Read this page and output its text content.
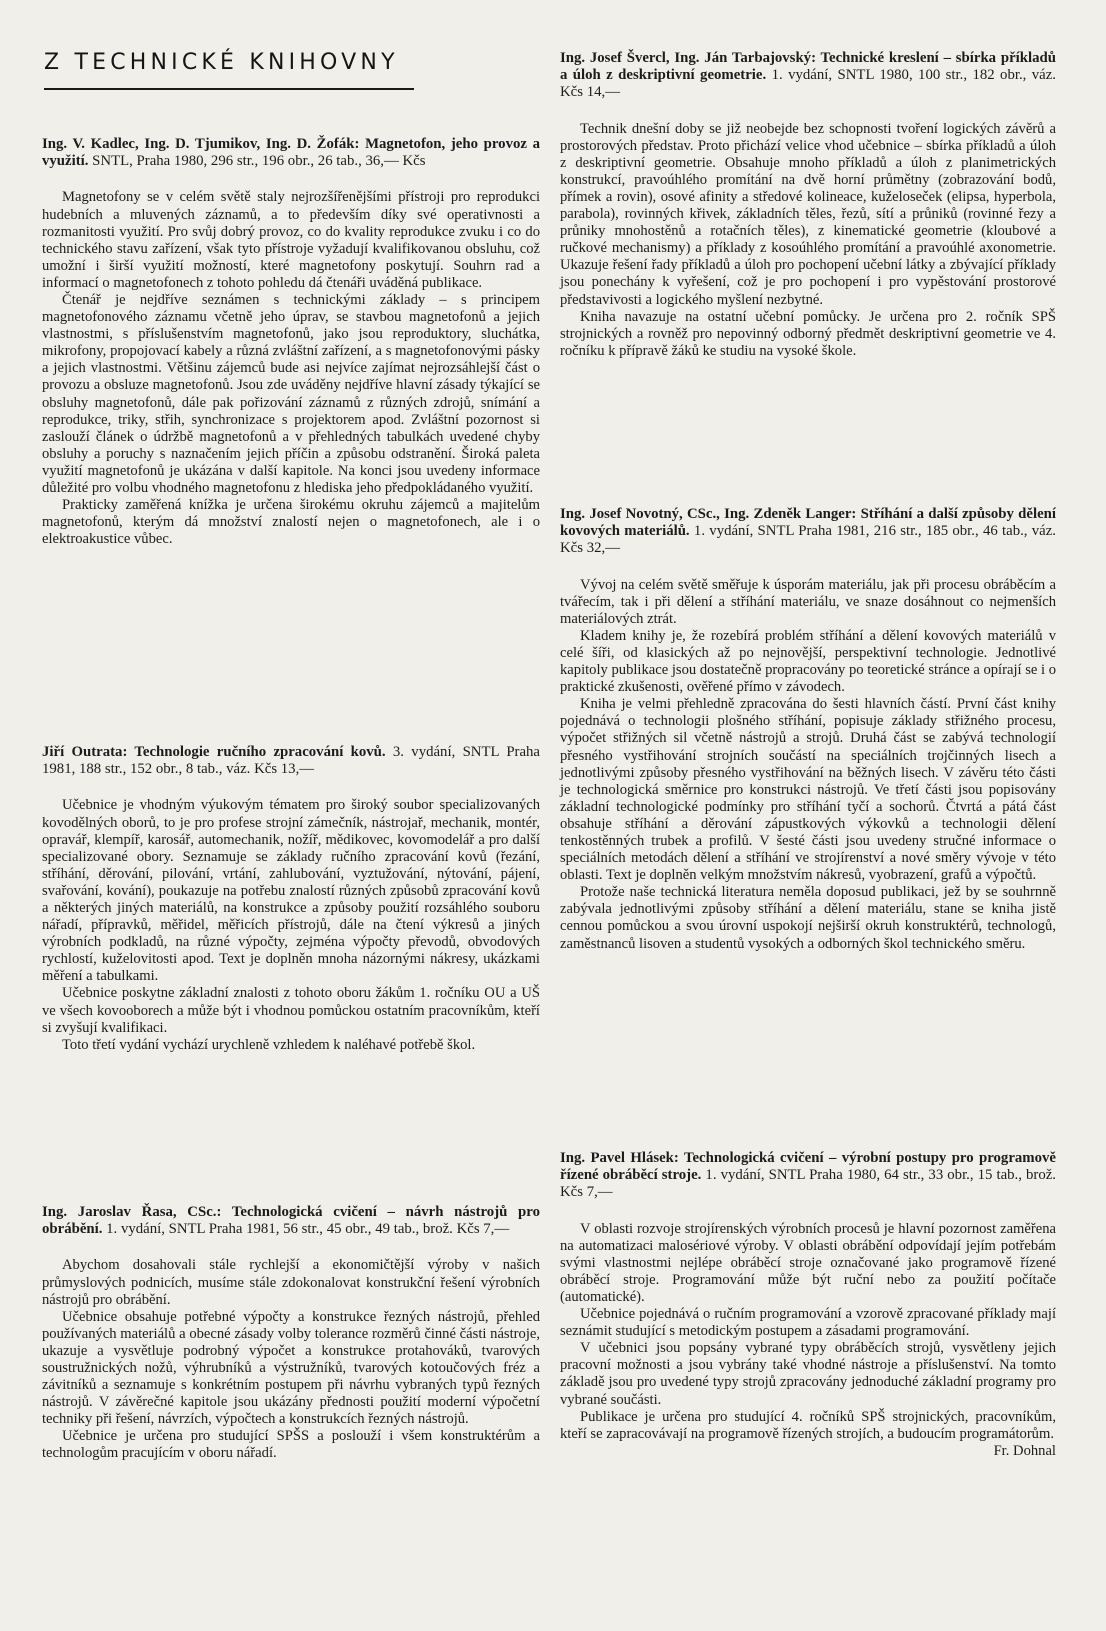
Z TECHNICKÉ KNIHOVNY

Ing. V. Kadlec, Ing. D. Tjumikov, Ing. D. Žofák: Magnetofon, jeho provoz a využití. SNTL, Praha 1980, 296 str., 196 obr., 26 tab., 36,— Kčs

Magnetofony se v celém světě staly nejrozšířenějšími přístroji pro reprodukci hudebních a mluvených záznamů, a to především díky své operativnosti a rozmanitosti využití. Pro svůj dobrý provoz, co do kvality reprodukce zvuku i co do technického stavu zařízení, však tyto přístroje vyžadují kvalifikovanou obsluhu, což umožní i širší využití možností, které magnetofony poskytují. Souhrn rad a informací o magnetofonech z tohoto pohledu dá čtenáři uváděná publikace.

Čtenář je nejdříve seznámen s technickými základy – s principem magnetofonového záznamu včetně jeho úprav, se stavbou magnetofonů a jejich vlastnostmi, s příslušenstvím magnetofonů, jako jsou reproduktory, sluchátka, mikrofony, propojovací kabely a různá zvláštní zařízení, a s magnetofonovými pásky a jejich vlastnostmi. Většinu zájemců bude asi nejvíce zajímat nejrozsáhlejší část o provozu a obsluze magnetofonů. Jsou zde uváděny nejdříve hlavní zásady týkající se obsluhy magnetofonů, dále pak pořizování záznamů z různých zdrojů, snímání a reprodukce, triky, střih, synchronizace s projektorem apod. Zvláštní pozornost si zaslouží článek o údržbě magnetofonů a v přehledných tabulkách uvedené chyby obsluhy a poruchy s naznačením jejich příčin a způsobu odstranění. Široká paleta využití magnetofonů je ukázána v další kapitole. Na konci jsou uvedeny informace důležité pro volbu vhodného magnetofonu z hlediska jeho předpokládaného využití.

Prakticky zaměřená knížka je určena širokému okruhu zájemců a majitelům magnetofonů, kterým dá množství znalostí nejen o magnetofonech, ale i o elektroakustice vůbec.

Jiří Outrata: Technologie ručního zpracování kovů. 3. vydání, SNTL Praha 1981, 188 str., 152 obr., 8 tab., váz. Kčs 13,—

Učebnice je vhodným výukovým tématem pro široký soubor specializovaných kovodělných oborů, to je pro profese strojní zámečník, nástrojař, mechanik, montér, opravář, klempíř, karosář, automechanik, nožíř, mědikovec, kovomodelář a pro další specializované obory. Seznamuje se základy ručního zpracování kovů (řezání, stříhání, děrování, pilování, vrtání, zahlubování, vyztužování, nýtování, pájení, svařování, kování), poukazuje na potřebu znalostí různých způsobů zpracování kovů a některých jiných materiálů, na konstrukce a způsoby použití rozsáhlého souboru nářadí, přípravků, měřidel, měřicích přístrojů, dále na čtení výkresů a jiných výrobních podkladů, na různé výpočty, zejména výpočty převodů, obvodových rychlostí, kuželovitosti apod. Text je doplněn mnoha názornými nákresy, ukázkami měření a tabulkami.

Učebnice poskytne základní znalosti z tohoto oboru žákům 1. ročníku OU a UŠ ve všech kovooborech a může být i vhodnou pomůckou ostatním pracovníkům, kteří si zvyšují kvalifikaci.

Toto třetí vydání vychází urychleně vzhledem k naléhavé potřebě škol.

Ing. Jaroslav Řasa, CSc.: Technologická cvičení – návrh nástrojů pro obrábění. 1. vydání, SNTL Praha 1981, 56 str., 45 obr., 49 tab., brož. Kčs 7,—

Abychom dosahovali stále rychlejší a ekonomičtější výroby v našich průmyslových podnicích, musíme stále zdokonalovat konstrukční řešení výrobních nástrojů pro obrábění.

Učebnice obsahuje potřebné výpočty a konstrukce řezných nástrojů, přehled používaných materiálů a obecné zásady volby tolerance rozměrů činné části nástroje, ukazuje a vysvětluje podrobný výpočet a konstrukce protahováků, tvarových soustružnických nožů, výhrubníků a výstružníků, tvarových kotoučových fréz a závitníků a seznamuje s konkrétním postupem při návrhu vybraných typů řezných nástrojů. V závěrečné kapitole jsou ukázány přednosti použití moderní výpočetní techniky při řešení, návrzích, výpočtech a konstrukcích řezných nástrojů.

Učebnice je určena pro studující SPŠS a poslouží i všem konstruktérům a technologům pracujícím v oboru nářadí.

Ing. Josef Švercl, Ing. Ján Tarbajovský: Technické kreslení – sbírka příkladů a úloh z deskriptivní geometrie. 1. vydání, SNTL 1980, 100 str., 182 obr., váz. Kčs 14,—

Technik dnešní doby se již neobejde bez schopnosti tvoření logických závěrů a prostorových představ. Proto přichází velice vhod učebnice – sbírka příkladů a úloh z deskriptivní geometrie. Obsahuje mnoho příkladů a úloh z planimetrických konstrukcí, pravoúhlého promítání na dvě horní průmětny (zobrazování bodů, přímek a rovin), osové afinity a středové kolineace, kuželoseček (elipsa, hyperbola, parabola), rovinných křivek, základních těles, řezů, sítí a průniků (rovinné řezy a průniky mnohostěnů a rotačních těles), z kinematické geometrie (kloubové a ručkové mechanismy) a příklady z kosoúhlého promítání a pravoúhlé axonometrie. Ukazuje řešení řady příkladů a úloh pro pochopení učební látky a zbývající příklady jsou ponechány k vyřešení, což je pro pochopení i pro vypěstování prostorové představivosti a logického myšlení nezbytné.

Kniha navazuje na ostatní učební pomůcky. Je určena pro 2. ročník SPŠ strojnických a rovněž pro nepovinný odborný předmět deskriptivní geometrie ve 4. ročníku k přípravě žáků ke studiu na vysoké škole.

Ing. Josef Novotný, CSc., Ing. Zdeněk Langer: Stříhání a další způsoby dělení kovových materiálů. 1. vydání, SNTL Praha 1981, 216 str., 185 obr., 46 tab., váz. Kčs 32,—

Vývoj na celém světě směřuje k úsporám materiálu, jak při procesu obráběcím a tvářecím, tak i při dělení a stříhání materiálu, ve snaze dosáhnout co nejmenších materiálových ztrát.

Kladem knihy je, že rozebírá problém stříhání a dělení kovových materiálů v celé šíři, od klasických až po nejnovější, perspektivní technologie. Jednotlivé kapitoly publikace jsou dostatečně propracovány po teoretické stránce a opírají se i o praktické zkušenosti, ověřené přímo v závodech.

Kniha je velmi přehledně zpracována do šesti hlavních částí. První část knihy pojednává o technologii plošného stříhání, popisuje základy střižného procesu, výpočet střižných sil včetně nástrojů a strojů. Druhá část se zabývá technologií přesného vystřihování strojních součástí na speciálních trojčinných lisech a jednotlivými způsoby přesného vystřihování na běžných lisech. V závěru této části je technologická směrnice pro konstrukci nástrojů. Ve třetí části jsou popisovány základní technologické podmínky pro stříhání tyčí a sochorů. Čtvrtá a pátá část obsahuje stříhání a děrování zápustkových výkovků a technologii dělení tenkostěnných trubek a profilů. V šesté části jsou uvedeny stručné informace o speciálních metodách dělení a stříhání ve strojírenství a nové směry vývoje v této oblasti. Text je doplněn velkým množstvím nákresů, vyobrazení, grafů a výpočtů.

Protože naše technická literatura neměla doposud publikaci, jež by se souhrnně zabývala jednotlivými způsoby stříhání a dělení materiálu, stane se kniha jistě cennou pomůckou a svou úrovní uspokojí nejširší okruh konstruktérů, technologů, zaměstnanců lisoven a studentů vysokých a odborných škol technického směru.

Ing. Pavel Hlásek: Technologická cvičení – výrobní postupy pro programově řízené obráběcí stroje. 1. vydání, SNTL Praha 1980, 64 str., 33 obr., 15 tab., brož. Kčs 7,—

V oblasti rozvoje strojírenských výrobních procesů je hlavní pozornost zaměřena na automatizaci malosériové výroby. V oblasti obrábění odpovídají jejím potřebám svými vlastnostmi nejlépe obráběcí stroje označované jako programově řízené obráběcí stroje. Programování může být ruční nebo za použití počítače (automatické).

Učebnice pojednává o ručním programování a vzorově zpracované příklady mají seznámit studující s metodickým postupem a zásadami programování.

V učebnici jsou popsány vybrané typy obráběcích strojů, vysvětleny jejich pracovní možnosti a jsou vybrány také vhodné nástroje a příslušenství. Na tomto základě jsou pro uvedené typy strojů zpracovány jednoduché základní programy pro vybrané součásti.

Publikace je určena pro studující 4. ročníků SPŠ strojnických, pracovníkům, kteří se zapracovávají na programově řízených strojích, a budoucím programátorům.

Fr. Dohnal
